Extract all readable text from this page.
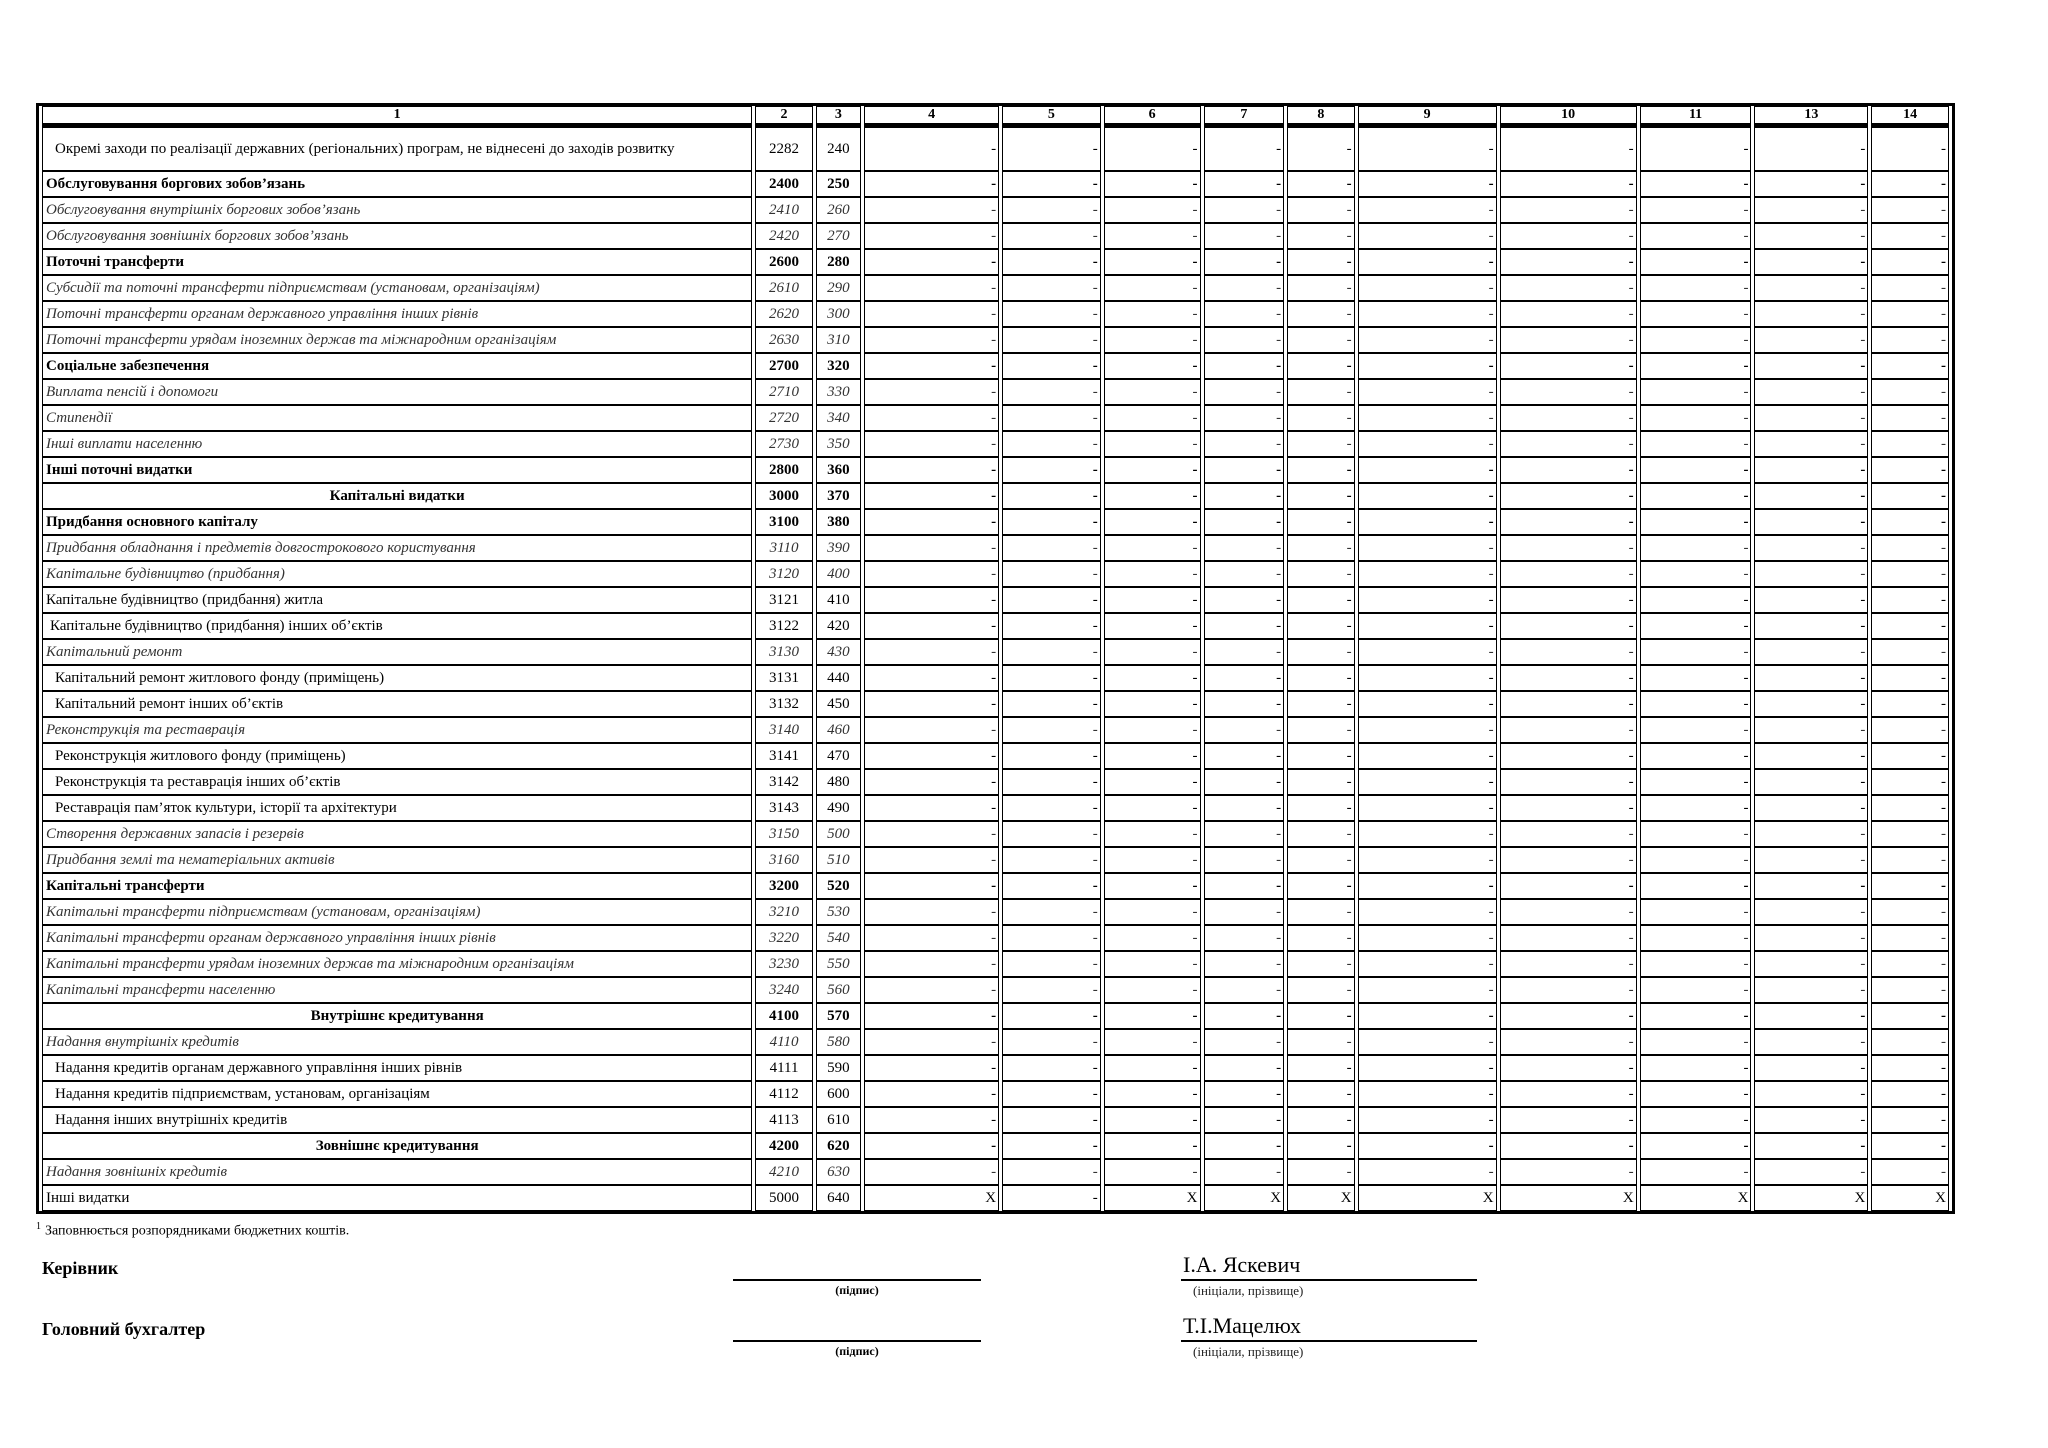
1	2	3	4	5	6	7	8	9	10	11	13	14
Окремі заходи по реалізації державних (регіональних) програм, не віднесені до заходів розвитку	2282	240	-	-	-	-	-	-	-	-	-	-
Обслуговування боргових зобов’язань	2400	250	-	-	-	-	-	-	-	-	-	-
Обслуговування внутрішніх боргових зобов’язань	2410	260	-	-	-	-	-	-	-	-	-	-
Обслуговування зовнішніх боргових зобов’язань	2420	270	-	-	-	-	-	-	-	-	-	-
Поточні трансферти	2600	280	-	-	-	-	-	-	-	-	-	-
Субсидії та поточні трансферти підприємствам (установам, організаціям)	2610	290	-	-	-	-	-	-	-	-	-	-
Поточні трансферти органам державного управління інших рівнів	2620	300	-	-	-	-	-	-	-	-	-	-
Поточні трансферти урядам іноземних держав та міжнародним організаціям	2630	310	-	-	-	-	-	-	-	-	-	-
Соціальне забезпечення	2700	320	-	-	-	-	-	-	-	-	-	-
Виплата пенсій і допомоги	2710	330	-	-	-	-	-	-	-	-	-	-
Стипендії	2720	340	-	-	-	-	-	-	-	-	-	-
Інші виплати населенню	2730	350	-	-	-	-	-	-	-	-	-	-
Інші поточні видатки	2800	360	-	-	-	-	-	-	-	-	-	-
Капітальні видатки	3000	370	-	-	-	-	-	-	-	-	-	-
Придбання основного капіталу	3100	380	-	-	-	-	-	-	-	-	-	-
Придбання обладнання і предметів довгострокового користування	3110	390	-	-	-	-	-	-	-	-	-	-
Капітальне будівництво (придбання)	3120	400	-	-	-	-	-	-	-	-	-	-
Капітальне будівництво (придбання) житла	3121	410	-	-	-	-	-	-	-	-	-	-
Капітальне будівництво (придбання) інших об’єктів	3122	420	-	-	-	-	-	-	-	-	-	-
Капітальний ремонт	3130	430	-	-	-	-	-	-	-	-	-	-
Капітальний ремонт житлового фонду (приміщень)	3131	440	-	-	-	-	-	-	-	-	-	-
Капітальний ремонт інших об’єктів	3132	450	-	-	-	-	-	-	-	-	-	-
Реконструкція та реставрація	3140	460	-	-	-	-	-	-	-	-	-	-
Реконструкція житлового фонду (приміщень)	3141	470	-	-	-	-	-	-	-	-	-	-
Реконструкція та реставрація інших об’єктів	3142	480	-	-	-	-	-	-	-	-	-	-
Реставрація пам’яток культури, історії та архітектури	3143	490	-	-	-	-	-	-	-	-	-	-
Створення державних запасів і резервів	3150	500	-	-	-	-	-	-	-	-	-	-
Придбання землі та нематеріальних активів	3160	510	-	-	-	-	-	-	-	-	-	-
Капітальні трансферти	3200	520	-	-	-	-	-	-	-	-	-	-
Капітальні трансферти підприємствам (установам, організаціям)	3210	530	-	-	-	-	-	-	-	-	-	-
Капітальні трансферти органам державного управління інших рівнів	3220	540	-	-	-	-	-	-	-	-	-	-
Капітальні трансферти урядам іноземних держав та міжнародним організаціям	3230	550	-	-	-	-	-	-	-	-	-	-
Капітальні трансферти населенню	3240	560	-	-	-	-	-	-	-	-	-	-
Внутрішнє кредитування	4100	570	-	-	-	-	-	-	-	-	-	-
Надання внутрішніх кредитів	4110	580	-	-	-	-	-	-	-	-	-	-
Надання кредитів органам державного управління інших рівнів	4111	590	-	-	-	-	-	-	-	-	-	-
Надання кредитів підприємствам, установам, організаціям	4112	600	-	-	-	-	-	-	-	-	-	-
Надання інших внутрішніх кредитів	4113	610	-	-	-	-	-	-	-	-	-	-
Зовнішнє кредитування	4200	620	-	-	-	-	-	-	-	-	-	-
Надання зовнішніх кредитів	4210	630	-	-	-	-	-	-	-	-	-	-
Інші видатки	5000	640	X	-	X	X	X	X	X	X	X	X
$^1$ Заповнюється розпорядниками бюджетних коштів.
Керівник
(підпис)
І.А. Яскевич
(ініціали, прізвище)
Головний бухгалтер
(підпис)
Т.І.Мацелюх
(ініціали, прізвище)
